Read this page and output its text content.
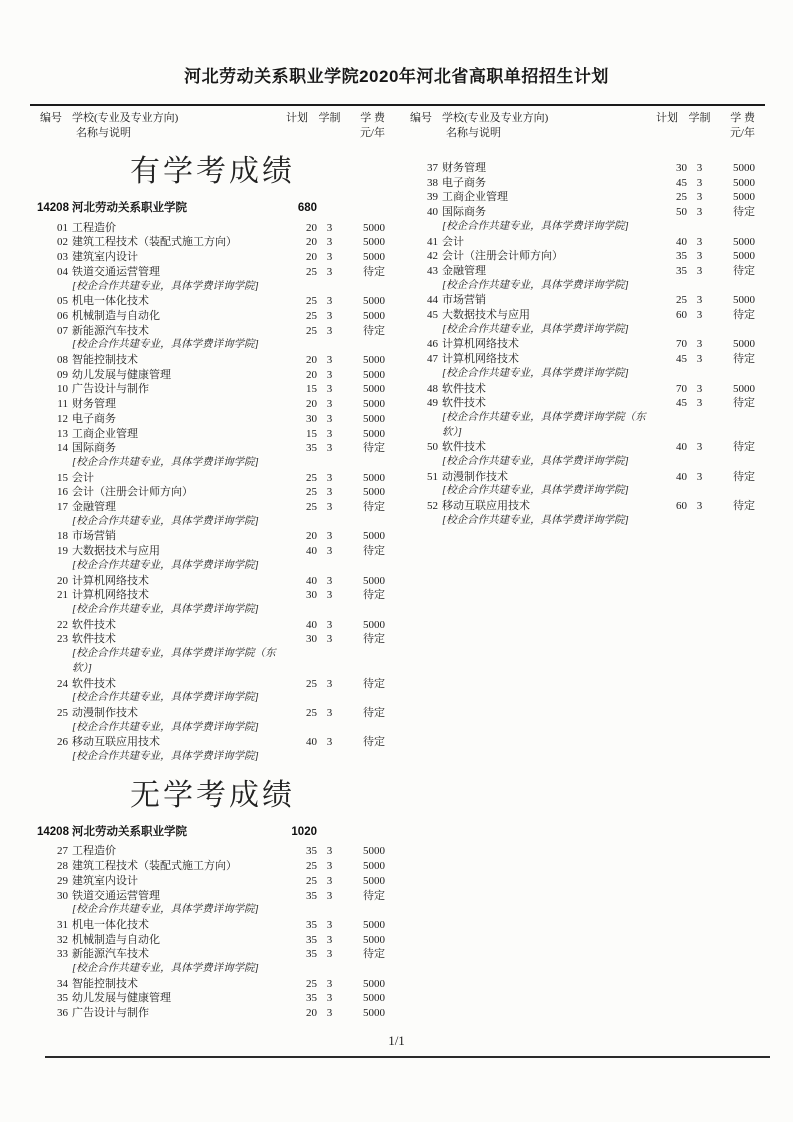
河北劳动关系职业学院2020年河北省高职单招招生计划
编号 学校(专业及专业方向)	计划 学制	学 费
名称与说明	元/年
有学考成绩
14208 河北劳动关系职业学院	680
01 工程造价	20 3	5000
02 建筑工程技术（装配式施工方向）	20 3	5000
03 建筑室内设计	20 3	5000
04 铁道交通运营管理	25 3	待定
[校企合作共建专业，具体学费详询学院]
05 机电一体化技术	25 3	5000
06 机械制造与自动化	25 3	5000
07 新能源汽车技术	25 3	待定
[校企合作共建专业，具体学费详询学院]
08 智能控制技术	20 3	5000
09 幼儿发展与健康管理	20 3	5000
10 广告设计与制作	15 3	5000
11 财务管理	20 3	5000
12 电子商务	30 3	5000
13 工商企业管理	15 3	5000
14 国际商务	35 3	待定
[校企合作共建专业，具体学费详询学院]
15 会计	25 3	5000
16 会计（注册会计师方向）	25 3	5000
17 金融管理	25 3	待定
[校企合作共建专业，具体学费详询学院]
18 市场营销	20 3	5000
19 大数据技术与应用	40 3	待定
[校企合作共建专业，具体学费详询学院]
20 计算机网络技术	40 3	5000
21 计算机网络技术	30 3	待定
[校企合作共建专业，具体学费详询学院]
22 软件技术	40 3	5000
23 软件技术	30 3	待定
[校企合作共建专业，具体学费详询学院（东软）]
24 软件技术	25 3	待定
[校企合作共建专业，具体学费详询学院]
25 动漫制作技术	25 3	待定
[校企合作共建专业，具体学费详询学院]
26 移动互联应用技术	40 3	待定
[校企合作共建专业，具体学费详询学院]
无学考成绩
14208 河北劳动关系职业学院	1020
27 工程造价	35 3	5000
28 建筑工程技术（装配式施工方向）	25 3	5000
29 建筑室内设计	25 3	5000
30 铁道交通运营管理	35 3	待定
[校企合作共建专业，具体学费详询学院]
31 机电一体化技术	35 3	5000
32 机械制造与自动化	35 3	5000
33 新能源汽车技术	35 3	待定
[校企合作共建专业，具体学费详询学院]
34 智能控制技术	25 3	5000
35 幼儿发展与健康管理	35 3	5000
36 广告设计与制作	20 3	5000
编号 学校(专业及专业方向)	计划 学制	学 费
名称与说明	元/年
37 财务管理	30 3	5000
38 电子商务	45 3	5000
39 工商企业管理	25 3	5000
40 国际商务	50 3	待定
[校企合作共建专业，具体学费详询学院]
41 会计	40 3	5000
42 会计（注册会计师方向）	35 3	5000
43 金融管理	35 3	待定
[校企合作共建专业，具体学费详询学院]
44 市场营销	25 3	5000
45 大数据技术与应用	60 3	待定
[校企合作共建专业，具体学费详询学院]
46 计算机网络技术	70 3	5000
47 计算机网络技术	45 3	待定
[校企合作共建专业，具体学费详询学院]
48 软件技术	70 3	5000
49 软件技术	45 3	待定
[校企合作共建专业，具体学费详询学院（东软）]
50 软件技术	40 3	待定
[校企合作共建专业，具体学费详询学院]
51 动漫制作技术	40 3	待定
[校企合作共建专业，具体学费详询学院]
52 移动互联应用技术	60 3	待定
[校企合作共建专业，具体学费详询学院]
1/1
